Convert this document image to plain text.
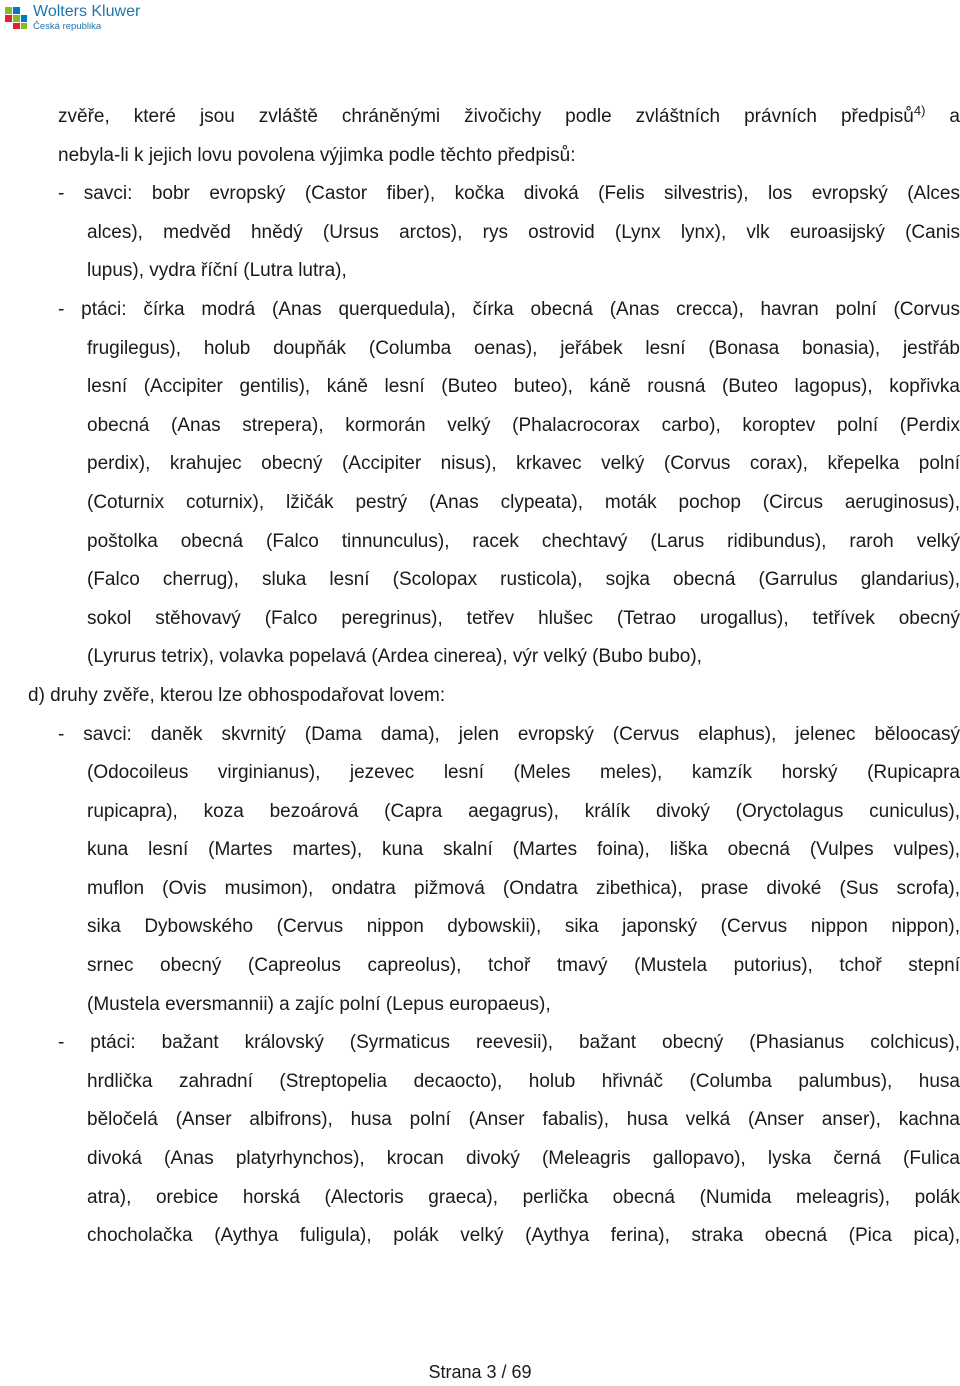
Wolters Kluwer
Česká republika
zvěře, které jsou zvláště chráněnými živočichy podle zvláštních právních předpisů$^{4)}$ a
nebyla-li k jejich lovu povolena výjimka podle těchto předpisů:
- savci: bobr evropský (Castor fiber), kočka divoká (Felis silvestris), los evropský (Alces
alces), medvěd hnědý (Ursus arctos), rys ostrovid (Lynx lynx), vlk euroasijský (Canis
lupus), vydra říční (Lutra lutra),
- ptáci: čírka modrá (Anas querquedula), čírka obecná (Anas crecca), havran polní (Corvus
frugilegus), holub doupňák (Columba oenas), jeřábek lesní (Bonasa bonasia), jestřáb
lesní (Accipiter gentilis), káně lesní (Buteo buteo), káně rousná (Buteo lagopus), kopřivka
obecná (Anas strepera), kormorán velký (Phalacrocorax carbo), koroptev polní (Perdix
perdix), krahujec obecný (Accipiter nisus), krkavec velký (Corvus corax), křepelka polní
(Coturnix coturnix), lžičák pestrý (Anas clypeata), moták pochop (Circus aeruginosus),
poštolka obecná (Falco tinnunculus), racek chechtavý (Larus ridibundus), raroh velký
(Falco cherrug), sluka lesní (Scolopax rusticola), sojka obecná (Garrulus glandarius),
sokol stěhovavý (Falco peregrinus), tetřev hlušec (Tetrao urogallus), tetřívek obecný
(Lyrurus tetrix), volavka popelavá (Ardea cinerea), výr velký (Bubo bubo),
d) druhy zvěře, kterou lze obhospodařovat lovem:
- savci: daněk skvrnitý (Dama dama), jelen evropský (Cervus elaphus), jelenec běloocasý
(Odocoileus virginianus), jezevec lesní (Meles meles), kamzík horský (Rupicapra
rupicapra), koza bezoárová (Capra aegagrus), králík divoký (Oryctolagus cuniculus),
kuna lesní (Martes martes), kuna skalní (Martes foina), liška obecná (Vulpes vulpes),
muflon (Ovis musimon), ondatra pižmová (Ondatra zibethica), prase divoké (Sus scrofa),
sika Dybowského (Cervus nippon dybowskii), sika japonský (Cervus nippon nippon),
srnec obecný (Capreolus capreolus), tchoř tmavý (Mustela putorius), tchoř stepní
(Mustela eversmannii) a zajíc polní (Lepus europaeus),
- ptáci: bažant královský (Syrmaticus reevesii), bažant obecný (Phasianus colchicus),
hrdlička zahradní (Streptopelia decaocto), holub hřivnáč (Columba palumbus), husa
běločelá (Anser albifrons), husa polní (Anser fabalis), husa velká (Anser anser), kachna
divoká (Anas platyrhynchos), krocan divoký (Meleagris gallopavo), lyska černá (Fulica
atra), orebice horská (Alectoris graeca), perlička obecná (Numida meleagris), polák
chocholačka (Aythya fuligula), polák velký (Aythya ferina), straka obecná (Pica pica),
Strana 3 / 69
